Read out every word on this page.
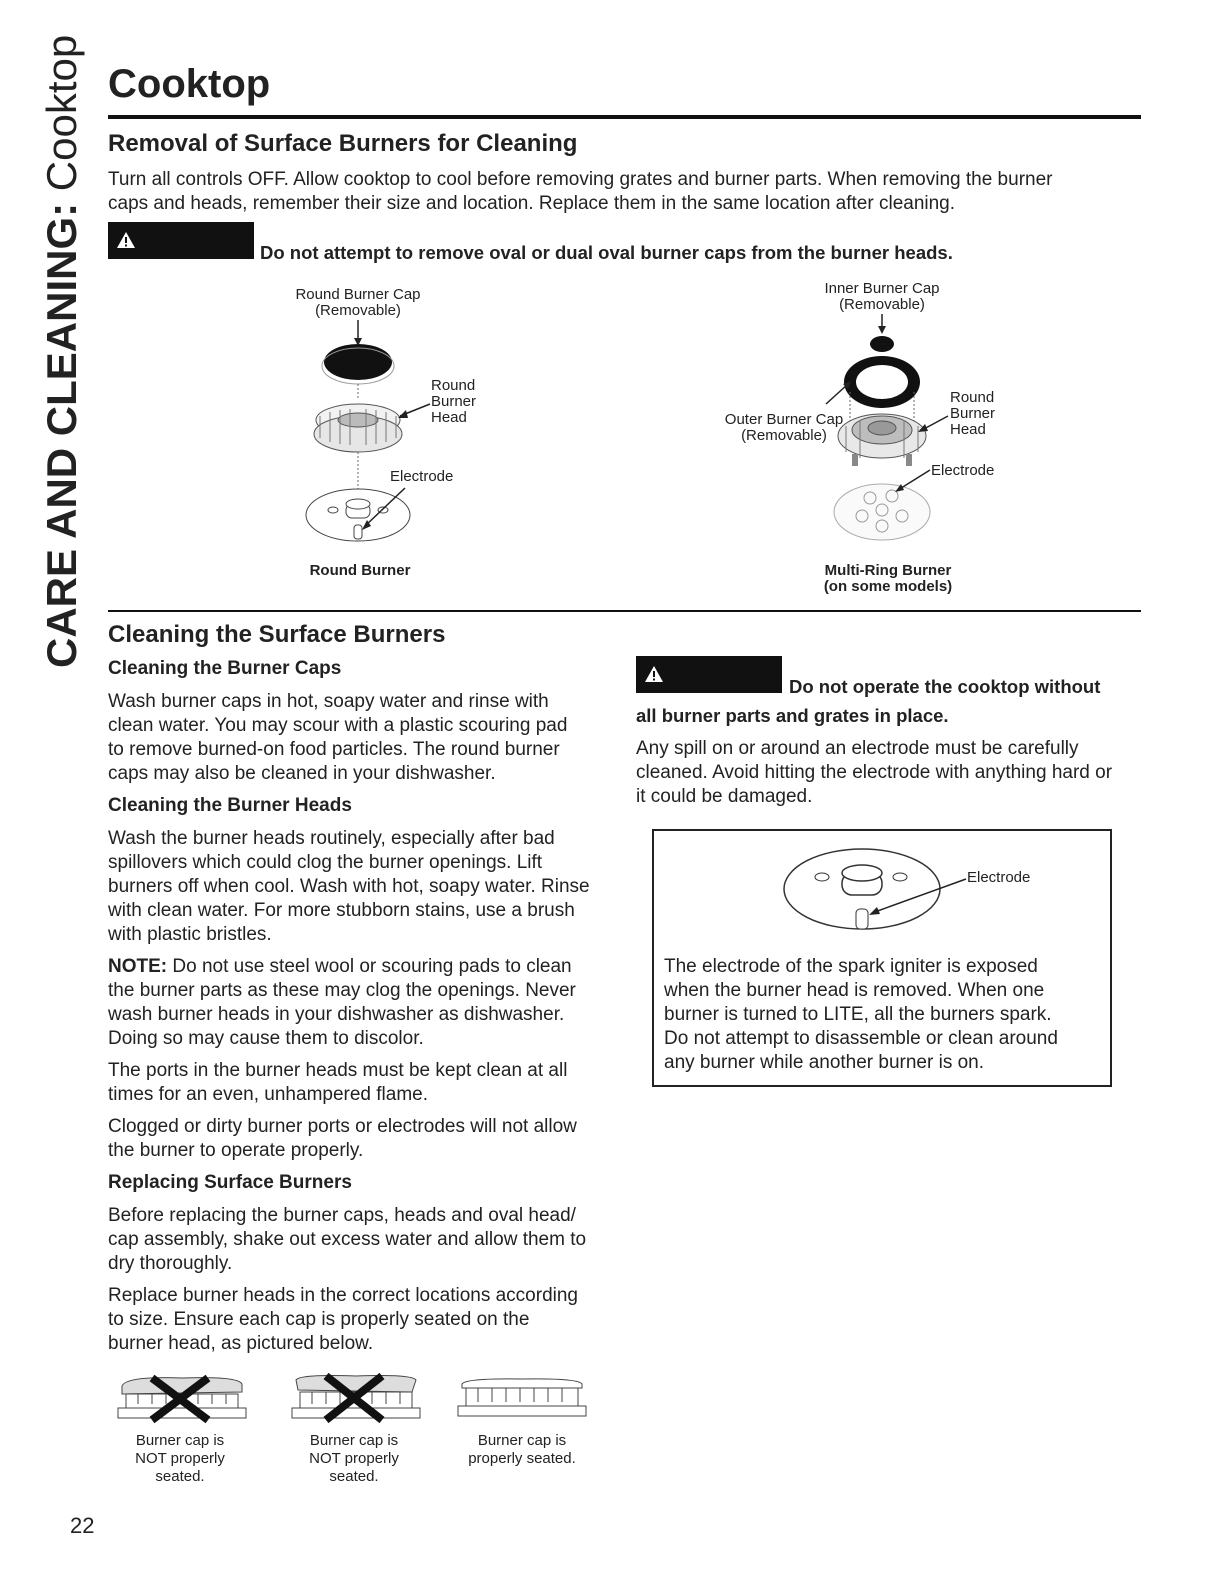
CARE AND CLEANING: Cooktop Cooktop
Removal of Surface Burners for Cleaning
Turn all controls OFF. Allow cooktop to cool before removing grates and burner parts. When removing the burner
caps and heads, remember their size and location. Replace them in the same location after cleaning.
Do not attempt to remove oval or dual oval burner caps from the burner heads.
Round Burner Cap
(Removable)
Round
Burner
Head
Electrode
Round Burner
Inner Burner Cap
(Removable)
Outer Burner Cap
(Removable)
Round
Burner
Head
Electrode
Multi-Ring Burner
(on some models)
Cleaning the Surface Burners
Cleaning the Burner Caps
Wash burner caps in hot, soapy water and rinse with
clean water. You may scour with a plastic scouring pad
to remove burned-on food particles. The round burner
caps may also be cleaned in your dishwasher.
Cleaning the Burner Heads
Wash the burner heads routinely, especially after bad
spillovers which could clog the burner openings. Lift
burners off when cool. Wash with hot, soapy water. Rinse
with clean water. For more stubborn stains, use a brush
with plastic bristles.
NOTE: Do not use steel wool or scouring pads to clean
the burner parts as these may clog the openings. Never
wash burner heads in your dishwasher as dishwasher.
Doing so may cause them to discolor.
The ports in the burner heads must be kept clean at all
times for an even, unhampered flame.
Clogged or dirty burner ports or electrodes will not allow
the burner to operate properly.
Replacing Surface Burners
Before replacing the burner caps, heads and oval head/
cap assembly, shake out excess water and allow them to
dry thoroughly.
Replace burner heads in the correct locations according
to size. Ensure each cap is properly seated on the
burner head, as pictured below.
Burner cap is
NOT properly
seated.
Burner cap is
NOT properly
seated.
Burner cap is
properly seated.
Do not operate the cooktop without
all burner parts and grates in place.
Any spill on or around an electrode must be carefully
cleaned. Avoid hitting the electrode with anything hard or
it could be damaged.
Electrode
The electrode of the spark igniter is exposed
when the burner head is removed. When one
burner is turned to LITE, all the burners spark.
Do not attempt to disassemble or clean around
any burner while another burner is on.
22
